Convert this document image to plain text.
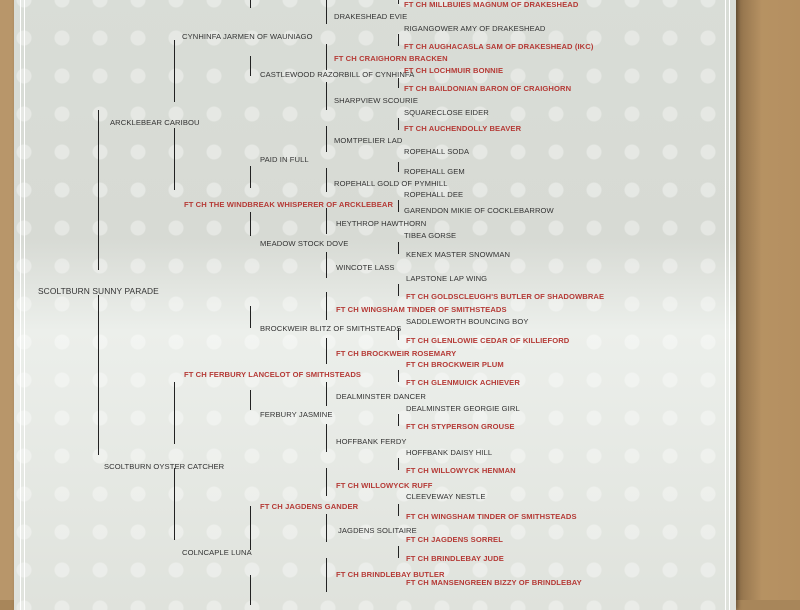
SCOLTBURN SUNNY PARADE
ARCKLEBEAR CARIBOU
SCOLTBURN OYSTER CATCHER
CYNHINFA JARMEN OF WAUNIAGO
FT CH THE WINDBREAK WHISPERER OF ARCKLEBEAR
FT CH FERBURY LANCELOT OF SMITHSTEADS
COLNCAPLE LUNA
CASTLEWOOD RAZORBILL OF CYNHINFA
PAID IN FULL
MEADOW STOCK DOVE
BROCKWEIR BLITZ OF SMITHSTEADS
FERBURY JASMINE
FT CH JAGDENS GANDER
DRAKESHEAD EVIE
FT CH CRAIGHORN BRACKEN
SHARPVIEW SCOURIE
MOMTPELIER LAD
ROPEHALL GOLD OF PYMHILL
HEYTHROP HAWTHORN
WINCOTE LASS
FT CH WINGSHAM TINDER OF SMITHSTEADS
FT CH BROCKWEIR ROSEMARY
DEALMINSTER DANCER
HOFFBANK FERDY
FT CH WILLOWYCK RUFF
JAGDENS SOLITAIRE
FT CH BRINDLEBAY BUTLER
FT CH MILLBUIES MAGNUM OF DRAKESHEAD
RIGANGOWER AMY OF DRAKESHEAD
FT CH AUGHACASLA SAM OF DRAKESHEAD (IKC)
FT CH LOCHMUIR BONNIE
FT CH BAILDONIAN BARON OF CRAIGHORN
SQUARECLOSE EIDER
FT CH AUCHENDOLLY BEAVER
ROPEHALL SODA
ROPEHALL GEM
ROPEHALL DEE
GARENDON MIKIE OF COCKLEBARROW
TIBEA GORSE
KENEX MASTER SNOWMAN
LAPSTONE LAP WING
FT CH GOLDSCLEUGH'S BUTLER OF SHADOWBRAE
SADDLEWORTH BOUNCING BOY
FT CH GLENLOWIE CEDAR OF KILLIEFORD
FT CH BROCKWEIR PLUM
FT CH GLENMUICK ACHIEVER
DEALMINSTER GEORGIE GIRL
FT CH STYPERSON GROUSE
HOFFBANK DAISY HILL
FT CH WILLOWYCK HENMAN
CLEEVEWAY NESTLE
FT CH WINGSHAM TINDER OF SMITHSTEADS
FT CH JAGDENS SORREL
FT CH BRINDLEBAY JUDE
FT CH MANSENGREEN BIZZY OF BRINDLEBAY
